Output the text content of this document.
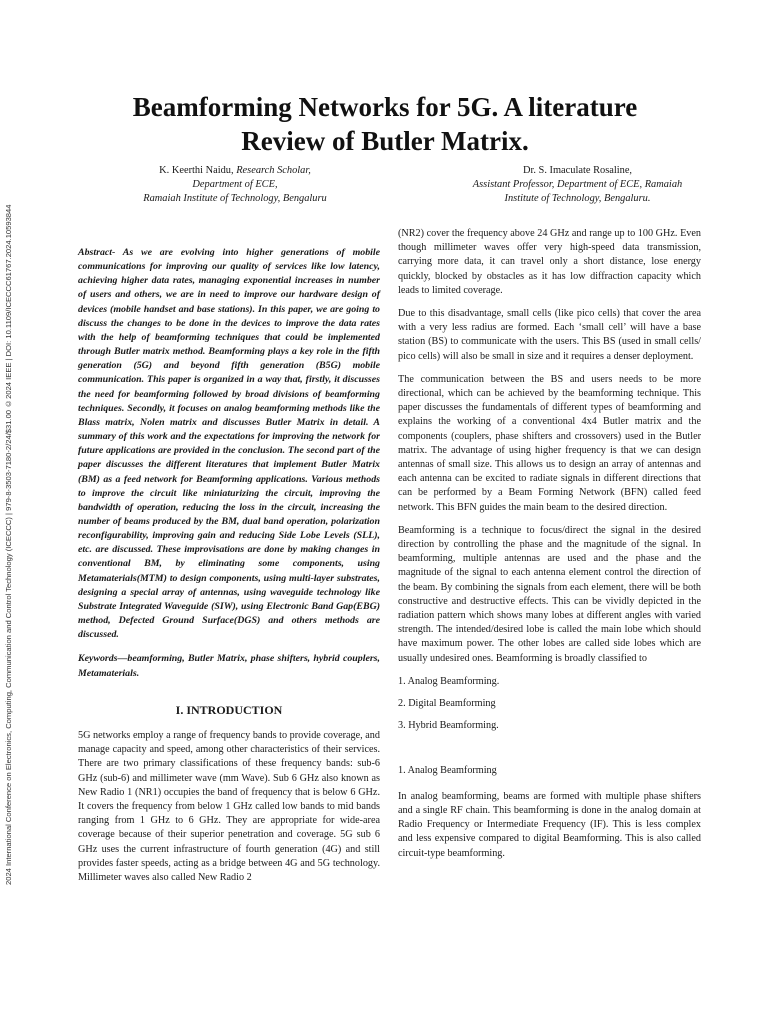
2024 International Conference on Electronics, Computing, Communication and Control Technology (ICECCC) | 979-8-3503-7180-2/24/$31.00 ©2024 IEEE | DOI: 10.1109/ICECCC61767.2024.10593844
Beamforming Networks for 5G. A literature
Review of Butler Matrix.
K. Keerthi Naidu, Research Scholar,
Department of ECE,
Ramaiah Institute of Technology, Bengaluru
Dr. S. Imaculate Rosaline,
Assistant Professor, Department of ECE, Ramaiah
Institute of Technology, Bengaluru.

Abstract- As we are evolving into higher generations of mobile communications for improving our quality of services like low latency, achieving higher data rates, managing exponential increases in number of users and others, we are in need to improve our hardware design of devices (mobile handset and base stations). In this paper, we are going to discuss the changes to be done in the devices to improve the data rates with the help of beamforming techniques that could be implemented through Butler matrix method. Beamforming plays a key role in the fifth generation (5G) and beyond fifth generation (B5G) mobile communication. This paper is organized in a way that, firstly, it discusses the need for beamforming followed by broad divisions of beamforming techniques. Secondly, it focuses on analog beamforming methods like the Blass matrix, Nolen matrix and discusses Butler Matrix in detail. A summary of this work and the expectations for improving the network for future applications are provided in the conclusion. The second part of the paper discusses the different literatures that implement Butler Matrix (BM) as a feed network for Beamforming applications. Various methods to improve the circuit like miniaturizing the circuit, improving the bandwidth of operation, reducing the loss in the circuit, increasing the number of beams produced by the BM, dual band operation, polarization reconfigurability, improving gain and reducing Side Lobe Levels (SLL), etc. are discussed. These improvisations are done by making changes in conventional BM, by eliminating some components, using Metamaterials(MTM) to design components, using multi-layer substrates, designing a special array of antennas, using waveguide technology like Substrate Integrated Waveguide (SIW), using Electronic Band Gap(EBG) method, Defected Ground Surface(DGS) and others methods are discussed.

Keywords—beamforming, Butler Matrix, phase shifters, hybrid couplers, Metamaterials.

I. INTRODUCTION

5G networks employ a range of frequency bands to provide coverage, and manage capacity and speed, among other characteristics of their services. There are two primary classifications of these frequency bands: sub-6 GHz (sub-6) and millimeter wave (mm Wave). Sub 6 GHz also known as New Radio 1 (NR1) occupies the band of frequency that is below 6 GHz. It covers the frequency from below 1 GHz called low bands to mid bands ranging from 1 GHz to 6 GHz. They are appropriate for wide-area coverage because of their superior penetration and coverage. 5G sub 6 GHz uses the current infrastructure of fourth generation (4G) and still provides faster speeds, acting as a bridge between 4G and 5G technology. Millimeter waves also called New Radio 2

(NR2) cover the frequency above 24 GHz and range up to 100 GHz. Even though millimeter waves offer very high-speed data transmission, carrying more data, it can travel only a short distance, lose energy quickly, blocked by obstacles as it has low diffraction capacity which leads to limited coverage.

Due to this disadvantage, small cells (like pico cells) that cover the area with a very less radius are formed. Each ‘small cell’ will have a base station (BS) to communicate with the users. This BS (used in small cells/ pico cells) will also be small in size and it requires a denser deployment.

The communication between the BS and users needs to be more directional, which can be achieved by the beamforming technique. This paper discusses the fundamentals of different types of beamforming and explains the working of a conventional 4x4 Butler matrix and the components (couplers, phase shifters and crossovers) used in the Butler matrix. The advantage of using higher frequency is that we can design antennas of small size. This allows us to design an array of antennas and each antenna can be excited to radiate signals in different directions that can be performed by a Beam Forming Network (BFN) called feed network. This BFN guides the main beam to the desired direction.

Beamforming is a technique to focus/direct the signal in the desired direction by controlling the phase and the magnitude of the signal. In beamforming, multiple antennas are used and the phase and the magnitude of the signal to each antenna element control the direction of the beam. By combining the signals from each element, there will be both constructive and destructive effects. This can be vividly depicted in the radiation pattern which shows many lobes at different angles with varied strength. The intended/desired lobe is called the main lobe which should have maximum power. The other lobes are called side lobes which are usually undesired ones. Beamforming is broadly classified to

1. Analog Beamforming.
2. Digital Beamforming
3. Hybrid Beamforming.
1. Analog Beamforming

In analog beamforming, beams are formed with multiple phase shifters and a single RF chain. This beamforming is done in the analog domain at Radio Frequency or Intermediate Frequency (IF). This is less complex and less expensive compared to digital Beamforming. This is also called circuit-type beamforming.
